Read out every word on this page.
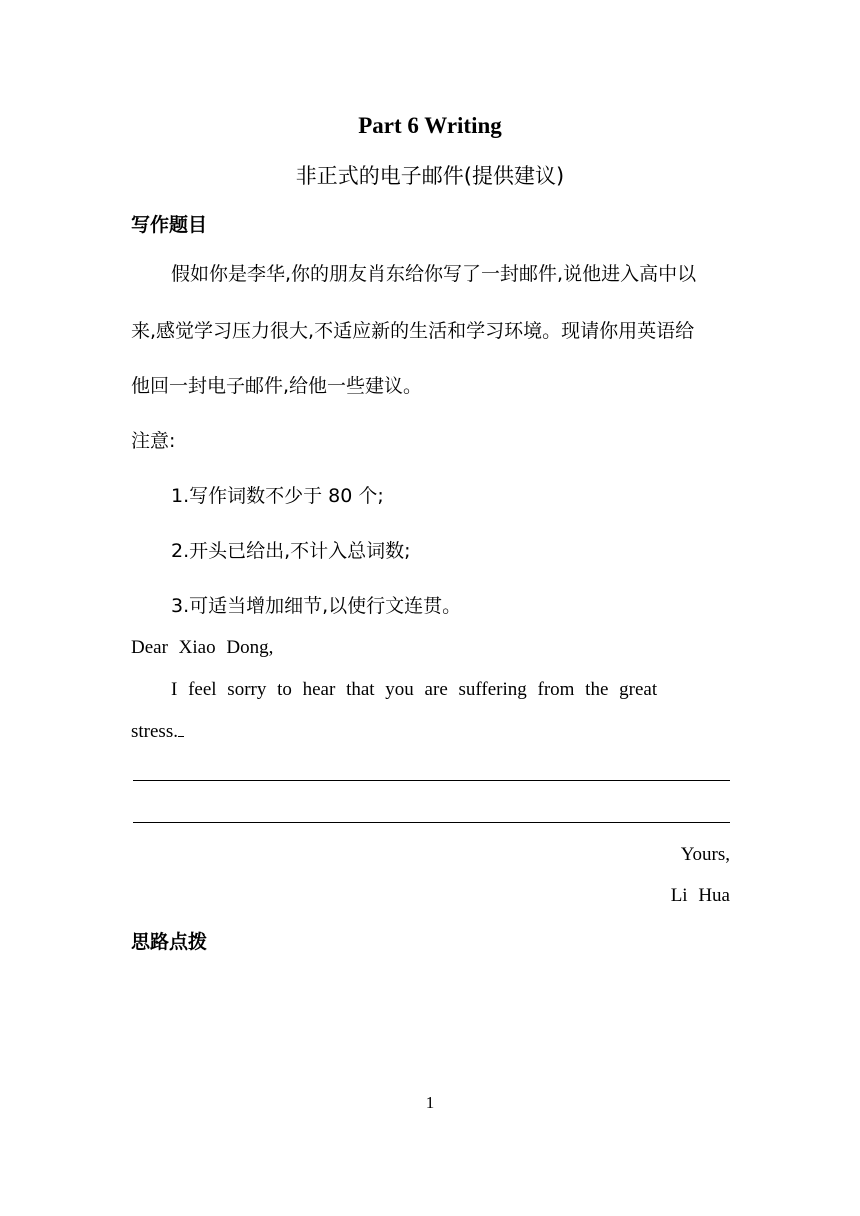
Part 6 Writing
非正式的电子邮件(提供建议)
写作题目
假如你是李华,你的朋友肖东给你写了一封邮件,说他进入高中以
来,感觉学习压力很大,不适应新的生活和学习环境。现请你用英语给
他回一封电子邮件,给他一些建议。
注意:
1.写作词数不少于 80 个;
2.开头已给出,不计入总词数;
3.可适当增加细节,以使行文连贯。
Dear Xiao Dong,
I feel sorry to hear that you are suffering from the great
stress.
Yours,
Li Hua
思路点拨
1
